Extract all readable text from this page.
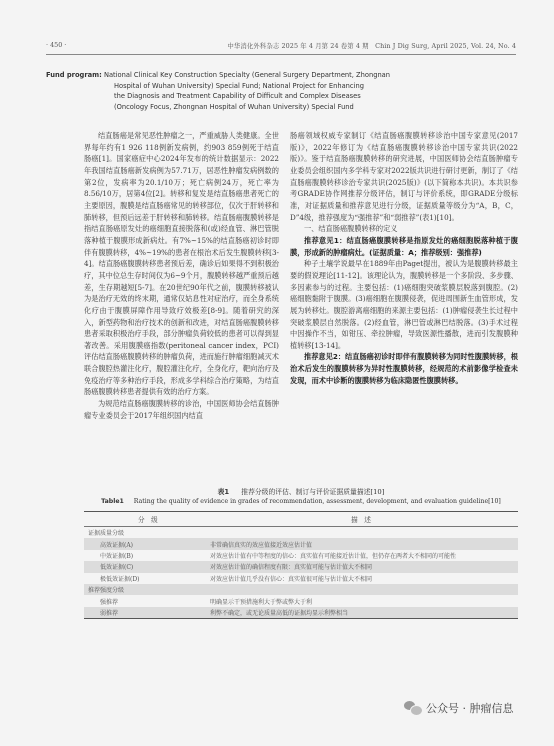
· 450 ·	中华消化外科杂志 2025 年 4 月第 24 卷第 4 期 Chin J Dig Surg, April 2025, Vol. 24, No. 4
Fund program: National Clinical Key Construction Specialty (General Surgery Department, Zhongnan
Hospital of Wuhan University) Special Fund; National Project for Enhancing
the Diagnosis and Treatment Capability of Difficult and Complex Diseases
(Oncology Focus, Zhongnan Hospital of Wuhan University) Special Fund

结直肠癌是常见恶性肿瘤之一，严重威胁人类健康。全世界每年约有1 926 118例新发病例，约903 859例死于结直肠癌[1]。国家癌症中心2024年发布的统计数据显示：2022年我国结直肠癌新发病例为57.71万，居恶性肿瘤发病例数的第2位，发病率为20.1/10万；死亡病例24万，死亡率为8.56/10万，居第4位[2]。转移和复发是结直肠癌患者死亡的主要原因，腹膜是结直肠癌常见的转移部位，仅次于肝转移和肺转移，但预后远差于肝转移和肺转移。结直肠癌腹膜转移是指结直肠癌原发灶的癌细胞直接脱落和(或)经血管、淋巴管脱落种植于腹膜形成新病灶。有7%~15%的结直肠癌初诊时即伴有腹膜转移，4%~19%的患者在根治术后发生腹膜转移[3-4]。结直肠癌腹膜转移患者预后差，确诊后如果得不到积极治疗，其中位总生存时间仅为6~9个月，腹膜转移越严重预后越差，生存期越短[5-7]。在20世纪90年代之前，腹膜转移被认为是治疗无效的终末期，通常仅姑息性对症治疗，而全身系统化疗由于腹膜屏障作用导致疗效极差[8-9]。随着研究的深入，新型药物和治疗技术的创新和改进，对结直肠癌腹膜转移患者采取积极治疗手段，部分肿瘤负荷较低的患者可以得到显著改善。采用腹膜癌指数(peritoneal cancer index，PCI)评估结直肠癌腹膜转移的肿瘤负荷，进而施行肿瘤细胞减灭术联合腹腔热灌注化疗，腹腔灌注化疗，全身化疗，靶向治疗及免疫治疗等多种治疗手段，形成多学科综合治疗策略，为结直肠癌腹膜转移患者提供有效的治疗方案。

为规范结直肠癌腹膜转移的诊治，中国医师协会结直肠肿瘤专业委员会于2017年组织国内结直

肠癌领域权威专家制订《结直肠癌腹膜转移诊治中国专家意见(2017版)》，2022年修订为《结直肠癌腹膜转移诊治中国专家共识(2022版)》。鉴于结直肠癌腹膜转移的研究进展，中国医师协会结直肠肿瘤专业委员会组织国内多学科专家对2022版共识进行研讨更新，制订了《结直肠癌腹膜转移诊治专家共识(2025版)》(以下简称本共识)。本共识参考GRADE协作网推荐分级评估，制订与评价系统，即GRADE分级标准，对证据质量和推荐意见进行分级，证据质量等级分为“A，B，C，D”4级，推荐强度为“强推荐”和“弱推荐”(表1)[10]。

一、结直肠癌腹膜转移的定义

推荐意见1：结直肠癌腹膜转移是指原发灶的癌细胞脱落种植于腹膜，形成新的肿瘤病灶。(证据质量：A；推荐级别：强推荐)

种子土壤学说最早在1889年由Paget提出，被认为是腹膜转移最主要的假说理论[11-12]。该理论认为，腹膜转移是一个多阶段、多步骤、多因素参与的过程。主要包括：(1)癌细胞突破浆膜层脱落到腹腔。(2)癌细胞黏附于腹膜。(3)癌细胞在腹膜侵袭，促进周围新生血管形成，发展为转移灶。腹腔游离癌细胞的来源主要包括：(1)肿瘤侵袭生长过程中突破浆膜层自然脱落。(2)经血管，淋巴管或淋巴结脱落。(3)手术过程中因操作不当，如钳压、牵拉肿瘤，导致医源性播散，进而引发腹膜种植转移[13-14]。

推荐意见2：结直肠癌初诊时即伴有腹膜转移为同时性腹膜转移，根治术后发生的腹膜转移为异时性腹膜转移，经规范的术前影像学检查未发现，而术中诊断的腹膜转移为临床隐匿性腹膜转移。

表1 推荐分级的评估、制订与评价证据质量描述[10]
Table1 Rating the quality of evidence in grades of recommendation, assessment, development, and evaluation guideline[10]
分　级	描　述
证据质量分级
高效证据(A)	非常确信真实的效应值接近效应估计值
中效证据(B)	对效应估计值有中等程度的信心：真实值有可能接近估计值，但仍存在两者大不相同的可能性
低效证据(C)	对效应估计值的确信程度有限：真实值可能与估计值大不相同
极低效证据(D)	对效应估计值几乎没有信心：真实值很可能与估计值大不相同
推荐强度分级
强推荐	明确显示干预措施利大于弊或弊大于利
弱推荐	利弊不确定，或无论质量高低的证据均显示利弊相当
公众号 · 肿瘤信息
